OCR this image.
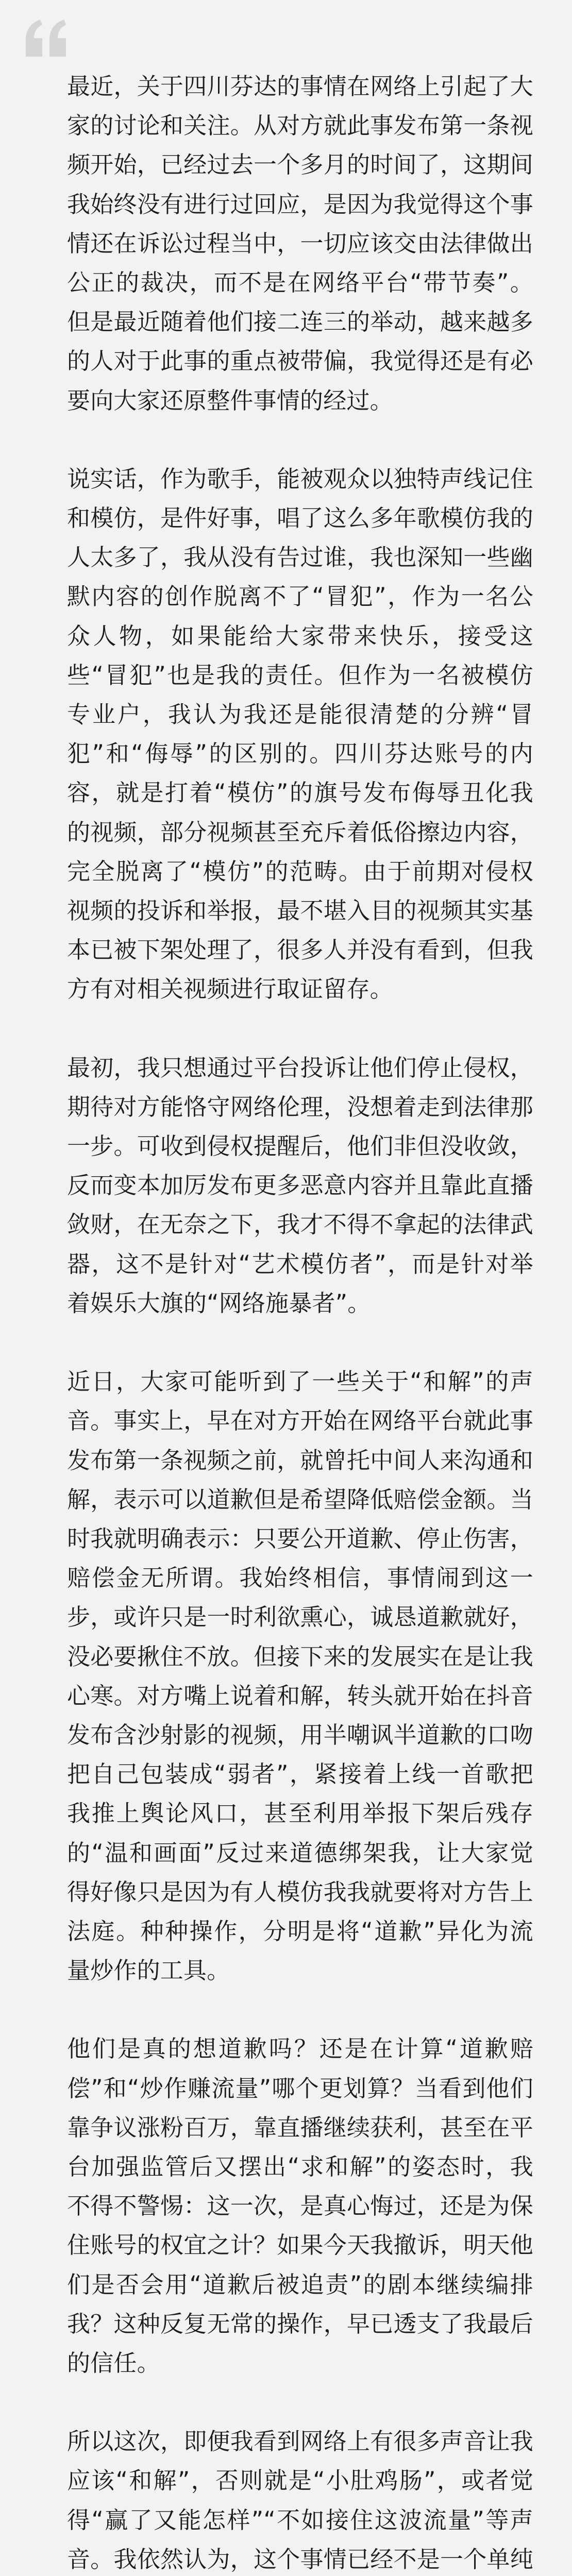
最近，关于四川芬达的事情在网络上引起了大家的讨论和关注。从对方就此事发布第一条视频开始，已经过去一个多月的时间了，这期间我始终没有进行过回应，是因为我觉得这个事情还在诉讼过程当中，一切应该交由法律做出公正的裁决，而不是在网络平台“带节奏”。但是最近随着他们接二连三的举动，越来越多的人对于此事的重点被带偏，我觉得还是有必要向大家还原整件事情的经过。

说实话，作为歌手，能被观众以独特声线记住和模仿，是件好事，唱了这么多年歌模仿我的人太多了，我从没有告过谁，我也深知一些幽默内容的创作脱离不了“冒犯”，作为一名公众人物，如果能给大家带来快乐，接受这些“冒犯”也是我的责任。但作为一名被模仿专业户，我认为我还是能很清楚的分辨“冒犯”和“侮辱”的区别的。四川芬达账号的内容，就是打着“模仿”的旗号发布侮辱丑化我的视频，部分视频甚至充斥着低俗擦边内容，完全脱离了“模仿”的范畴。由于前期对侵权视频的投诉和举报，最不堪入目的视频其实基本已被下架处理了，很多人并没有看到，但我方有对相关视频进行取证留存。

最初，我只想通过平台投诉让他们停止侵权，期待对方能恪守网络伦理，没想着走到法律那一步。可收到侵权提醒后，他们非但没收敛，反而变本加厉发布更多恶意内容并且靠此直播敛财，在无奈之下，我才不得不拿起的法律武器，这不是针对“艺术模仿者”，而是针对举着娱乐大旗的“网络施暴者”。

近日，大家可能听到了一些关于“和解”的声音。事实上，早在对方开始在网络平台就此事发布第一条视频之前，就曾托中间人来沟通和解，表示可以道歉但是希望降低赔偿金额。当时我就明确表示：只要公开道歉、停止伤害，赔偿金无所谓。我始终相信，事情闹到这一步，或许只是一时利欲熏心，诚恳道歉就好，没必要揪住不放。但接下来的发展实在是让我心寒。对方嘴上说着和解，转头就开始在抖音发布含沙射影的视频，用半嘲讽半道歉的口吻把自己包装成“弱者”，紧接着上线一首歌把我推上舆论风口，甚至利用举报下架后残存的“温和画面”反过来道德绑架我，让大家觉得好像只是因为有人模仿我我就要将对方告上法庭。种种操作，分明是将“道歉”异化为流量炒作的工具。

他们是真的想道歉吗？还是在计算“道歉赔偿”和“炒作赚流量”哪个更划算？当看到他们靠争议涨粉百万，靠直播继续获利，甚至在平台加强监管后又摆出“求和解”的姿态时，我不得不警惕：这一次，是真心悔过，还是为保住账号的权宜之计？如果今天我撤诉，明天他们是否会用“道歉后被追责”的剧本继续编排我？这种反复无常的操作，早已透支了我最后的信任。

所以这次，即便我看到网络上有很多声音让我应该“和解”，否则就是“小肚鸡肠”，或者觉得“赢了又能怎样”“不如接住这波流量”等声音。我依然认为，这个事情已经不是一个单纯
